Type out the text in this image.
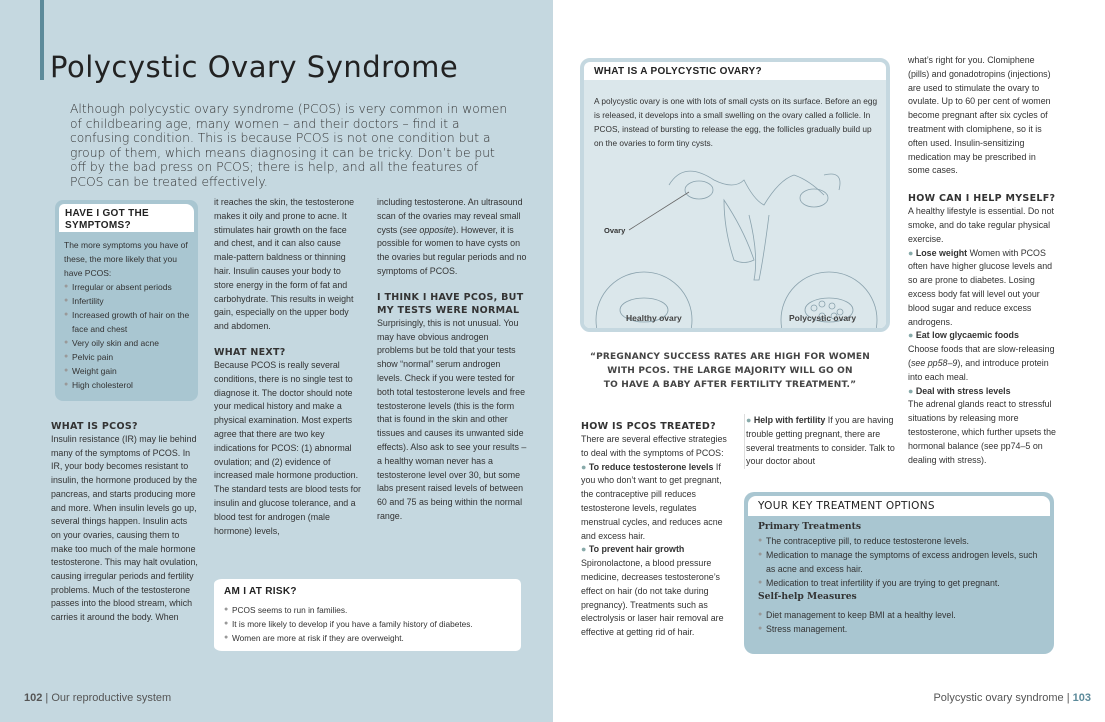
Polycystic Ovary Syndrome

Although polycystic ovary syndrome (PCOS) is very common in women of childbearing age, many women – and their doctors – find it a confusing condition. This is because PCOS is not one condition but a group of them, which means diagnosing it can be tricky. Don’t be put off by the bad press on PCOS; there is help, and all the features of PCOS can be treated effectively.

HAVE I GOT THE
SYMPTOMS?

The more symptoms you have of these, the more likely that you have PCOS:

● Irregular or absent periods
● Infertility
● Increased growth of hair on the face and chest
● Very oily skin and acne
● Pelvic pain
● Weight gain
● High cholesterol
WHAT IS PCOS?

Insulin resistance (IR) may lie behind many of the symptoms of PCOS. In IR, your body becomes resistant to insulin, the hormone produced by the pancreas, and starts producing more and more. When insulin levels go up, several things happen. Insulin acts on your ovaries, causing them to make too much of the male hormone testosterone. This may halt ovulation, causing irregular periods and fertility problems. Much of the testosterone passes into the blood stream, which carries it around the body. When

it reaches the skin, the testosterone makes it oily and prone to acne. It stimulates hair growth on the face and chest, and it can also cause male-pattern baldness or thinning hair. Insulin causes your body to store energy in the form of fat and carbohydrate. This results in weight gain, especially on the upper body and abdomen.

WHAT NEXT?

Because PCOS is really several conditions, there is no single test to diagnose it. The doctor should note your medical history and make a physical examination. Most experts agree that there are two key indications for PCOS: (1) abnormal ovulation; and (2) evidence of increased male hormone production. The standard tests are blood tests for insulin and glucose tolerance, and a blood test for androgen (male hormone) levels,

including testosterone. An ultrasound scan of the ovaries may reveal small cysts (see opposite). However, it is possible for women to have cysts on the ovaries but regular periods and no symptoms of PCOS.

I THINK I HAVE PCOS, BUT
MY TESTS WERE NORMAL

Surprisingly, this is not unusual. You may have obvious androgen problems but be told that your tests show “normal” serum androgen levels. Check if you were tested for both total testosterone levels and free testosterone levels (this is the form that is found in the skin and other tissues and causes its unwanted side effects). Also ask to see your results – a healthy woman never has a testosterone level over 30, but some labs present raised levels of between 60 and 75 as being within the normal range.

AM I AT RISK?
● PCOS seems to run in families.
● It is more likely to develop if you have a family history of diabetes.
● Women are more at risk if they are overweight.
102 | Our reproductive system
WHAT IS A POLYCYSTIC OVARY?

A polycystic ovary is one with lots of small cysts on its surface. Before an egg is released, it develops into a small swelling on the ovary called a follicle. In PCOS, instead of bursting to release the egg, the follicles gradually build up on the ovaries to form tiny cysts.

Ovary
Healthy ovary	Polycystic ovary
“PREGNANCY SUCCESS RATES ARE HIGH FOR WOMEN
WITH PCOS. THE LARGE MAJORITY WILL GO ON
TO HAVE A BABY AFTER FERTILITY TREATMENT.”
HOW IS PCOS TREATED?

There are several effective strategies to deal with the symptoms of PCOS:

● To reduce testosterone levels If you who don’t want to get pregnant, the contraceptive pill reduces testosterone levels, regulates menstrual cycles, and reduces acne and excess hair.

● To prevent hair growth

Spironolactone, a blood pressure medicine, decreases testosterone’s effect on hair (do not take during pregnancy). Treatments such as electrolysis or laser hair removal are effective at getting rid of hair.

● Help with fertility If you are having trouble getting pregnant, there are several treatments to consider. Talk to your doctor about

what’s right for you. Clomiphene (pills) and gonadotropins (injections) are used to stimulate the ovary to ovulate. Up to 60 per cent of women become pregnant after six cycles of treatment with clomiphene, so it is often used. Insulin-sensitizing medication may be prescribed in some cases.

HOW CAN I HELP MYSELF?

A healthy lifestyle is essential. Do not smoke, and do take regular physical exercise.

● Lose weight Women with PCOS often have higher glucose levels and so are prone to diabetes. Losing excess body fat will level out your blood sugar and reduce excess androgens.

● Eat low glycaemic foods

Choose foods that are slow-releasing (see pp58–9), and introduce protein into each meal.

● Deal with stress levels

The adrenal glands react to stressful situations by releasing more testosterone, which further upsets the hormonal balance (see pp74–5 on dealing with stress).

YOUR KEY TREATMENT OPTIONS
Primary Treatments
● The contraceptive pill, to reduce testosterone levels.
● Medication to manage the symptoms of excess androgen levels, such as acne and excess hair.
● Medication to treat infertility if you are trying to get pregnant.
Self-help Measures
● Diet management to keep BMI at a healthy level.
● Stress management.
Polycystic ovary syndrome | 103
